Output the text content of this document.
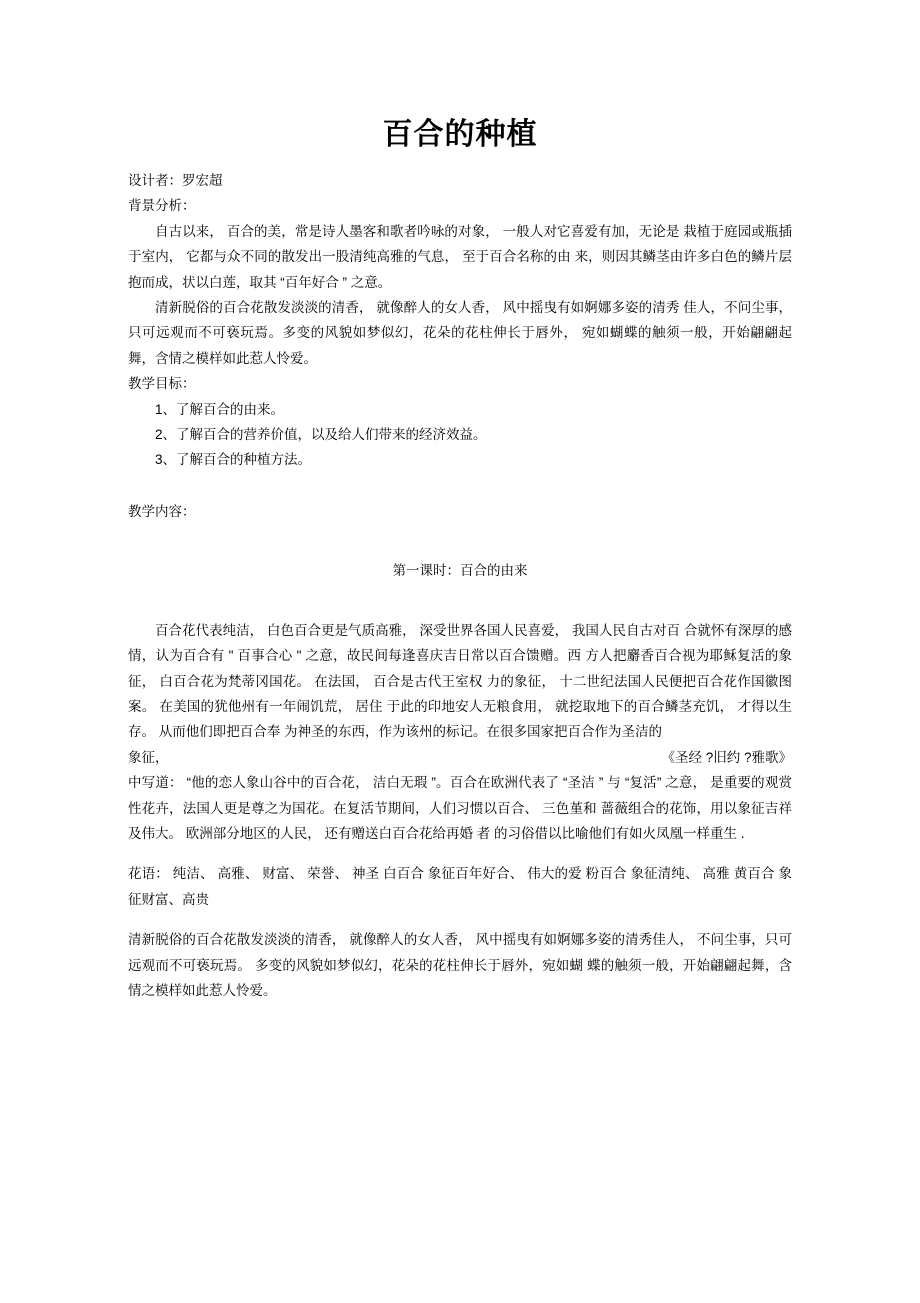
百合的种植

设计者：罗宏超

背景分析：

自古以来， 百合的美，常是诗人墨客和歌者吟咏的对象， 一般人对它喜爱有加，无论是 栽植于庭园或瓶插于室内， 它都与众不同的散发出一股清纯高雅的气息， 至于百合名称的由 来，则因其鳞茎由许多白色的鳞片层抱而成，状以白莲，取其 “百年好合 ” 之意。

清新脱俗的百合花散发淡淡的清香， 就像醉人的女人香， 风中摇曳有如婀娜多姿的清秀 佳人，不问尘事，只可远观而不可亵玩焉。多变的风貌如梦似幻，花朵的花柱伸长于唇外， 宛如蝴蝶的触须一般，开始翩翩起舞，含情之模样如此惹人怜爱。

教学目标：

1、了解百合的由来。

2、了解百合的营养价值，以及给人们带来的经济效益。

3、了解百合的种植方法。

教学内容：

第一课时：百合的由来

百合花代表纯洁， 白色百合更是气质高雅， 深受世界各国人民喜爱， 我国人民自古对百 合就怀有深厚的感情，认为百合有 " 百事合心 " 之意，故民间每逢喜庆吉日常以百合馈赠。西 方人把麝香百合视为耶稣复活的象征， 白百合花为梵蒂冈国花。 在法国， 百合是古代王室权 力的象征， 十二世纪法国人民便把百合花作国徽图案。 在美国的犹他州有一年闹饥荒， 居住 于此的印地安人无粮食用， 就挖取地下的百合鳞茎充饥， 才得以生存。 从而他们即把百合奉 为神圣的东西，作为该州的标记。在很多国家把百合作为圣洁的

象征，	《圣经 ?旧约 ?雅歌》

中写道： “他的恋人象山谷中的百合花， 洁白无瑕 ”。百合在欧洲代表了 “圣洁 ” 与 “复活” 之意， 是重要的观赏性花卉，法国人更是尊之为国花。在复活节期间，人们习惯以百合、 三色堇和 蔷薇组合的花饰，用以象征吉祥及伟大。 欧洲部分地区的人民， 还有赠送白百合花给再婚 者 的习俗借以比喻他们有如火凤凰一样重生 .

花语： 纯洁、 高雅、 财富、 荣誉、 神圣 白百合 象征百年好合、 伟大的爱 粉百合 象征清纯、 高雅 黄百合 象征财富、高贵

清新脱俗的百合花散发淡淡的清香， 就像醉人的女人香， 风中摇曳有如婀娜多姿的清秀佳人， 不问尘事，只可远观而不可亵玩焉。 多变的风貌如梦似幻，花朵的花柱伸长于唇外，宛如蝴 蝶的触须一般，开始翩翩起舞，含情之模样如此惹人怜爱。
